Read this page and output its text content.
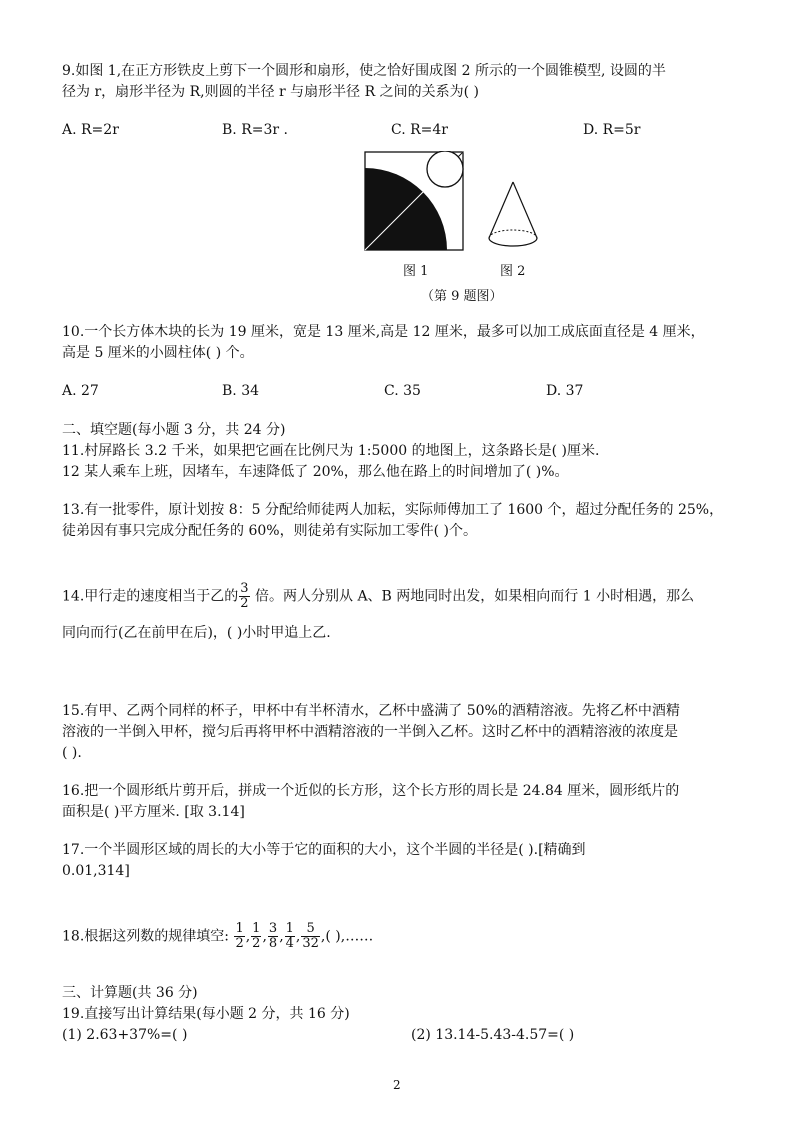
9.如图 1,在正方形铁皮上剪下一个圆形和扇形，使之恰好围成图 2 所示的一个圆锥模型, 设圆的半
径为 r，扇形半径为 R,则圆的半径 r 与扇形半径 R 之间的关系为( )
A. R=2r	B. R=3r .	C. R=4r	D. R=5r
图 1	图 2
（第 9 题图）
10.一个长方体木块的长为 19 厘米，宽是 13 厘米,高是 12 厘米，最多可以加工成底面直径是 4 厘米，
高是 5 厘米的小圆柱体( ) 个。
A. 27	B. 34	C. 35	D. 37
二、填空题(每小题 3 分，共 24 分)
11.村屏路长 3.2 千米，如果把它画在比例尺为 1:5000 的地图上，这条路长是( )厘米.
12 某人乘车上班，因堵车，车速降低了 20%，那么他在路上的时间增加了( )%。
13.有一批零件，原计划按 8：5 分配给师徒两人加耘，实际师傅加工了 1600 个，超过分配任务的 25%，
徒弟因有事只完成分配任务的 60%，则徒弟有实际加工零件( )个。
14.甲行走的速度相当于乙的 $\frac{3}{2}$ 倍。两人分别从 A、B 两地同时出发，如果相向而行 1 小时相遇，那么
同向而行(乙在前甲在后)，( )小时甲追上乙.
15.有甲、乙两个同样的杯子，甲杯中有半杯清水，乙杯中盛满了 50%的酒精溶液。先将乙杯中酒精
溶液的一半倒入甲杯，搅匀后再将甲杯中酒精溶液的一半倒入乙杯。这时乙杯中的酒精溶液的浓度是
( ).
16.把一个圆形纸片剪开后，拼成一个近似的长方形，这个长方形的周长是 24.84 厘米，圆形纸片的
面积是( )平方厘米. [取 3.14]
17.一个半圆形区域的周长的大小等于它的面积的大小，这个半圆的半径是( ).[精确到
0.01,314]
18.根据这列数的规律填空: $\frac{1}{2}$ , $\frac{1}{2}$ , $\frac{3}{8}$ , $\frac{1}{4}$ , $\frac{5}{32}$ ,( ),……
三、计算题(共 36 分)
19.直接写出计算结果(每小题 2 分，共 16 分)
(1) 2.63+37%=( )	(2) 13.14-5.43-4.57=( )
2
